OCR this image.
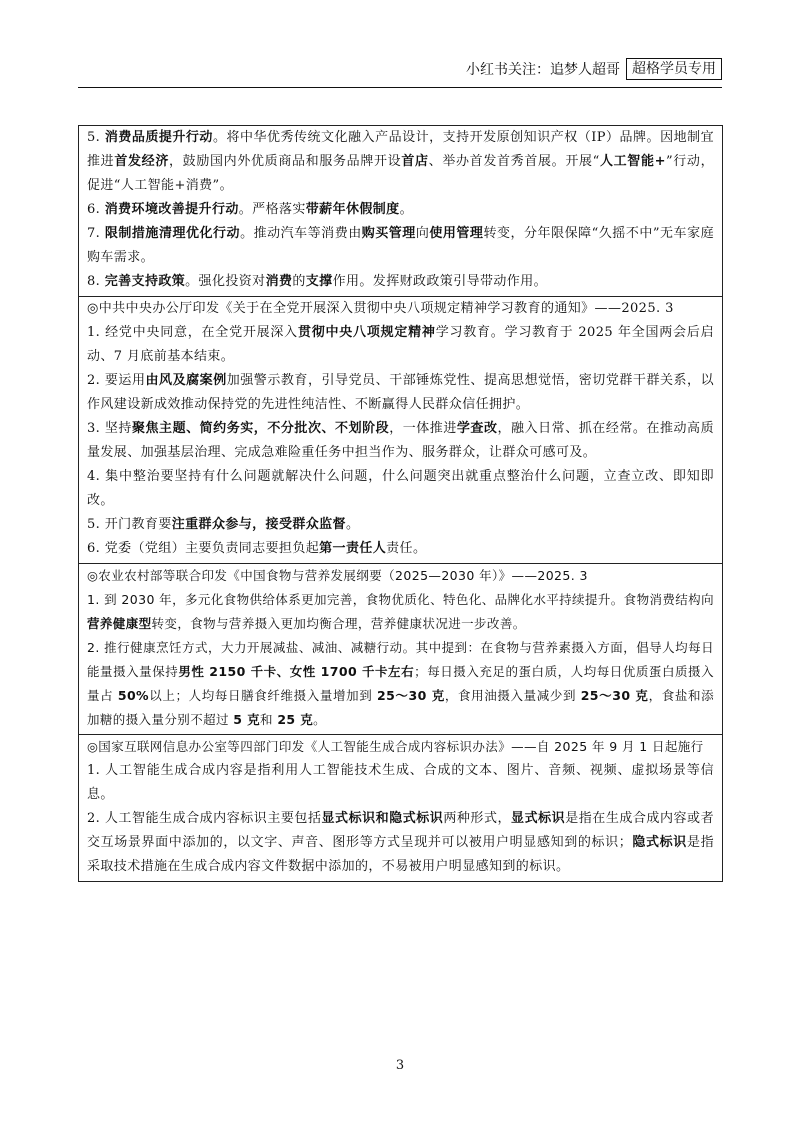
小红书关注：追梦人超哥 超格学员专用

5. 消费品质提升行动。将中华优秀传统文化融入产品设计，支持开发原创知识产权（IP）品牌。因地制宜推进首发经济，鼓励国内外优质商品和服务品牌开设首店、举办首发首秀首展。开展“人工智能+”行动，促进“人工智能+消费”。

6. 消费环境改善提升行动。严格落实带薪年休假制度。

7. 限制措施清理优化行动。推动汽车等消费由购买管理向使用管理转变，分年限保障“久摇不中”无车家庭购车需求。

8. 完善支持政策。强化投资对消费的支撑作用。发挥财政政策引导带动作用。

◎中共中央办公厅印发《关于在全党开展深入贯彻中央八项规定精神学习教育的通知》——2025. 3

1. 经党中央同意，在全党开展深入贯彻中央八项规定精神学习教育。学习教育于 2025 年全国两会后启动、7 月底前基本结束。

2. 要运用由风及腐案例加强警示教育，引导党员、干部锤炼党性、提高思想觉悟，密切党群干群关系，以作风建设新成效推动保持党的先进性纯洁性、不断赢得人民群众信任拥护。

3. 坚持聚焦主题、简约务实，不分批次、不划阶段，一体推进学查改，融入日常、抓在经常。在推动高质量发展、加强基层治理、完成急难险重任务中担当作为、服务群众，让群众可感可及。

4. 集中整治要坚持有什么问题就解决什么问题，什么问题突出就重点整治什么问题，立查立改、即知即改。

5. 开门教育要注重群众参与，接受群众监督。

6. 党委（党组）主要负责同志要担负起第一责任人责任。

◎农业农村部等联合印发《中国食物与营养发展纲要（2025—2030 年）》——2025. 3

1. 到 2030 年，多元化食物供给体系更加完善，食物优质化、特色化、品牌化水平持续提升。食物消费结构向营养健康型转变，食物与营养摄入更加均衡合理，营养健康状况进一步改善。

2. 推行健康烹饪方式，大力开展减盐、减油、减糖行动。其中提到：在食物与营养素摄入方面，倡导人均每日能量摄入量保持男性 2150 千卡、女性 1700 千卡左右；每日摄入充足的蛋白质，人均每日优质蛋白质摄入量占 50%以上；人均每日膳食纤维摄入量增加到 25～30 克，食用油摄入量减少到 25～30 克，食盐和添加糖的摄入量分别不超过 5 克和 25 克。

◎国家互联网信息办公室等四部门印发《人工智能生成合成内容标识办法》——自 2025 年 9 月 1 日起施行

1. 人工智能生成合成内容是指利用人工智能技术生成、合成的文本、图片、音频、视频、虚拟场景等信息。

2. 人工智能生成合成内容标识主要包括显式标识和隐式标识两种形式，显式标识是指在生成合成内容或者交互场景界面中添加的，以文字、声音、图形等方式呈现并可以被用户明显感知到的标识；隐式标识是指采取技术措施在生成合成内容文件数据中添加的，不易被用户明显感知到的标识。

3
